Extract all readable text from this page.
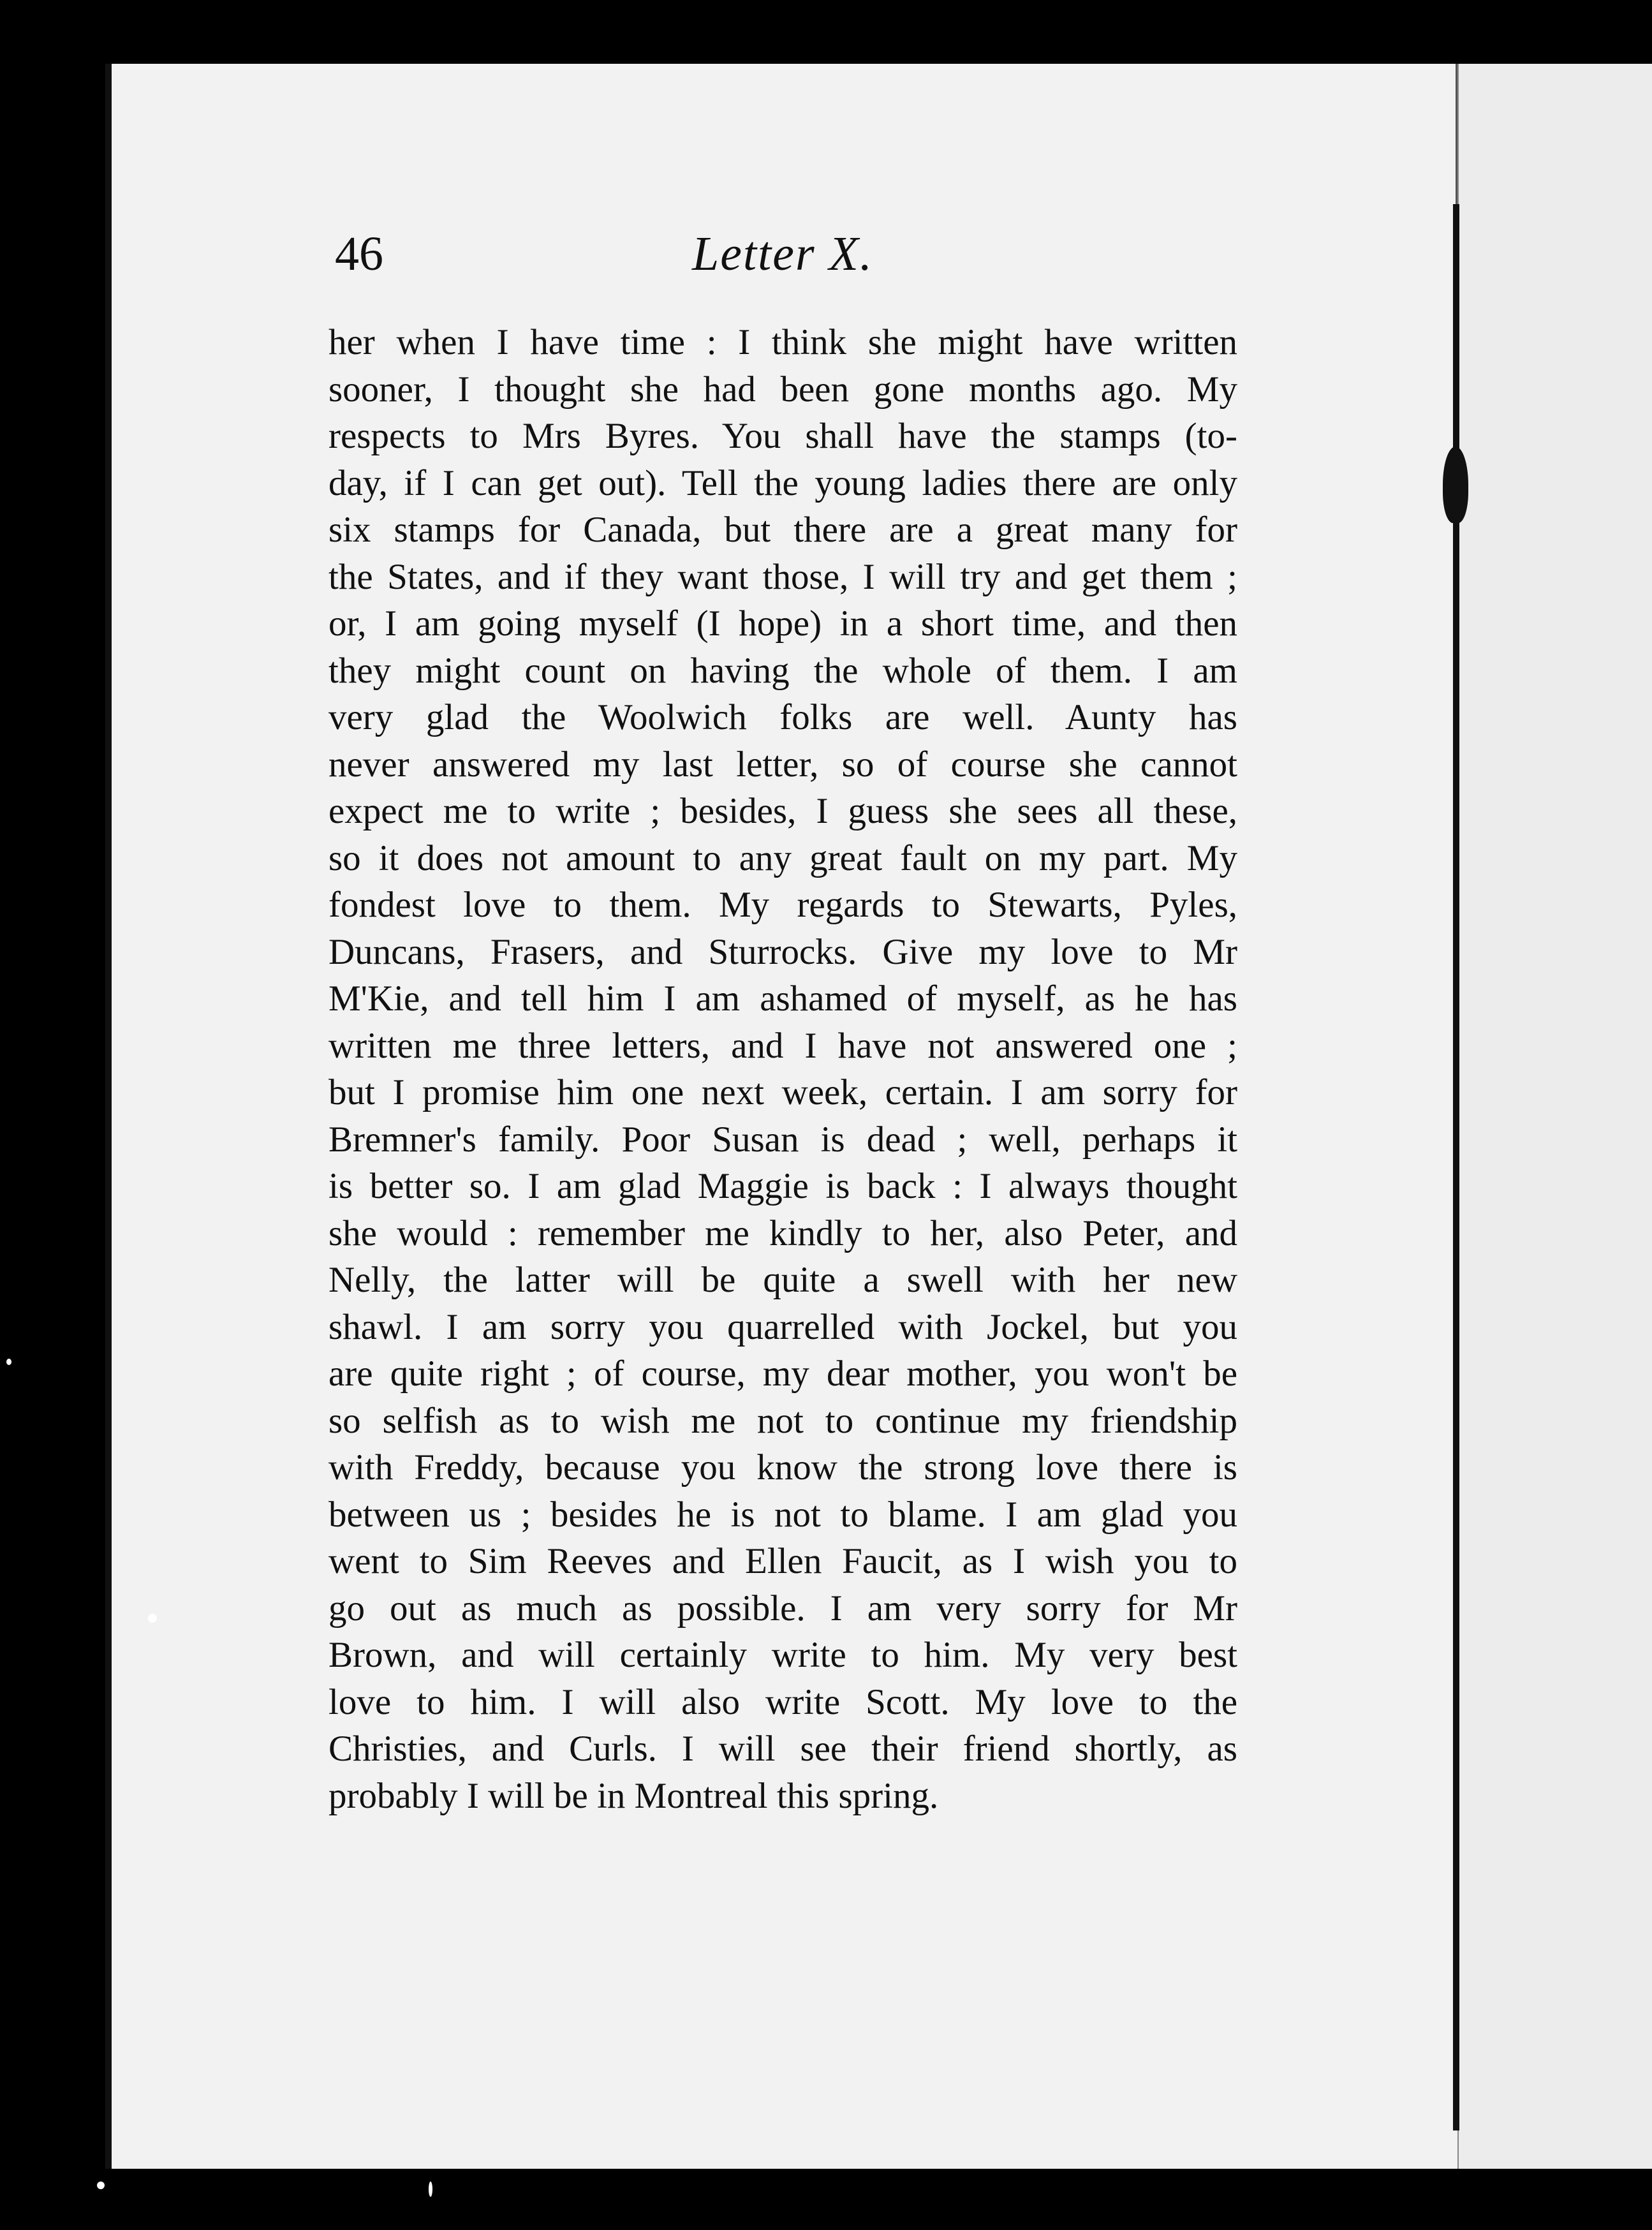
46	Letter X.
her when I have time : I think she might have written
sooner, I thought she had been gone months ago. My
respects to Mrs Byres. You shall have the stamps (to-
day, if I can get out). Tell the young ladies there are only
six stamps for Canada, but there are a great many for
the States, and if they want those, I will try and get them ;
or, I am going myself (I hope) in a short time, and then
they might count on having the whole of them. I am
very glad the Woolwich folks are well. Aunty has
never answered my last letter, so of course she cannot
expect me to write ; besides, I guess she sees all these,
so it does not amount to any great fault on my part. My
fondest love to them. My regards to Stewarts, Pyles,
Duncans, Frasers, and Sturrocks. Give my love to Mr
M'Kie, and tell him I am ashamed of myself, as he has
written me three letters, and I have not answered one ;
but I promise him one next week, certain. I am sorry for
Bremner's family. Poor Susan is dead ; well, perhaps it
is better so. I am glad Maggie is back : I always thought
she would : remember me kindly to her, also Peter, and
Nelly, the latter will be quite a swell with her new
shawl. I am sorry you quarrelled with Jockel, but you
are quite right ; of course, my dear mother, you won't be
so selfish as to wish me not to continue my friendship
with Freddy, because you know the strong love there is
between us ; besides he is not to blame. I am glad you
went to Sim Reeves and Ellen Faucit, as I wish you to
go out as much as possible. I am very sorry for Mr
Brown, and will certainly write to him. My very best
love to him. I will also write Scott. My love to the
Christies, and Curls. I will see their friend shortly, as
probably I will be in Montreal this spring.
